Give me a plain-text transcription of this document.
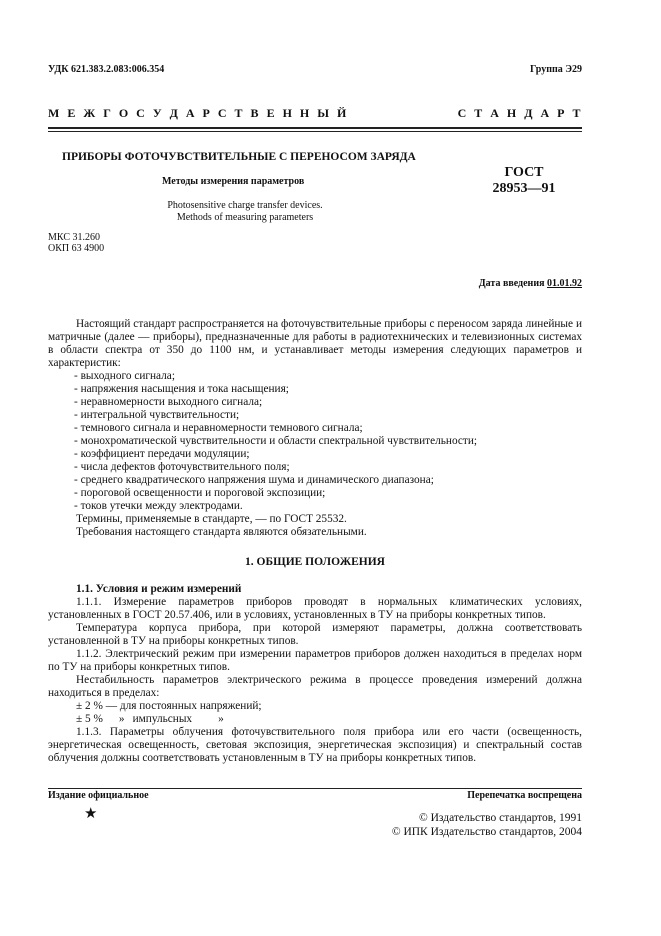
УДК 621.383.2.083:006.354	Группа Э29
М Е Ж Г О С У Д А Р С Т В Е Н Н Ы Й	С Т А Н Д А Р Т
ПРИБОРЫ ФОТОЧУВСТВИТЕЛЬНЫЕ С ПЕРЕНОСОМ ЗАРЯДА
Методы измерения параметров
Photosensitive charge transfer devices.
Methods of measuring parameters
ГОСТ
28953—91
МКС 31.260
ОКП 63 4900
Дата введения 01.01.92

Настоящий стандарт распространяется на фоточувствительные приборы с переносом заряда линейные и матричные (далее — приборы), предназначенные для работы в радиотехнических и телевизионных системах в области спектра от 350 до 1100 нм, и устанавливает методы измерения следующих параметров и характеристик:

- выходного сигнала;

- напряжения насыщения и тока насыщения;

- неравномерности выходного сигнала;

- интегральной чувствительности;

- темнового сигнала и неравномерности темнового сигнала;

- монохроматической чувствительности и области спектральной чувствительности;

- коэффициент передачи модуляции;

- числа дефектов фоточувствительного поля;

- среднего квадратического напряжения шума и динамического диапазона;

- пороговой освещенности и пороговой экспозиции;

- токов утечки между электродами.

Термины, применяемые в стандарте, — по ГОСТ 25532.

Требования настоящего стандарта являются обязательными.

1. ОБЩИЕ ПОЛОЖЕНИЯ

1.1. Условия и режим измерений

1.1.1. Измерение параметров приборов проводят в нормальных климатических условиях, установленных в ГОСТ 20.57.406, или в условиях, установленных в ТУ на приборы конкретных типов.

Температура корпуса прибора, при которой измеряют параметры, должна соответствовать установленной в ТУ на приборы конкретных типов.

1.1.2. Электрический режим при измерении параметров приборов должен находиться в пределах норм по ТУ на приборы конкретных типов.

Нестабильность параметров электрического режима в процессе проведения измерений должна находиться в пределах:

± 2 % — для постоянных напряжений;

± 5 % » импульсных »

1.1.3. Параметры облучения фоточувствительного поля прибора или его части (освещенность, энергетическая освещенность, световая экспозиция, энергетическая экспозиция) и спектральный состав облучения должны соответствовать установленным в ТУ на приборы конкретных типов.

Издание официальное	Перепечатка воспрещена
★	© Издательство стандартов, 1991
© ИПК Издательство стандартов, 2004
